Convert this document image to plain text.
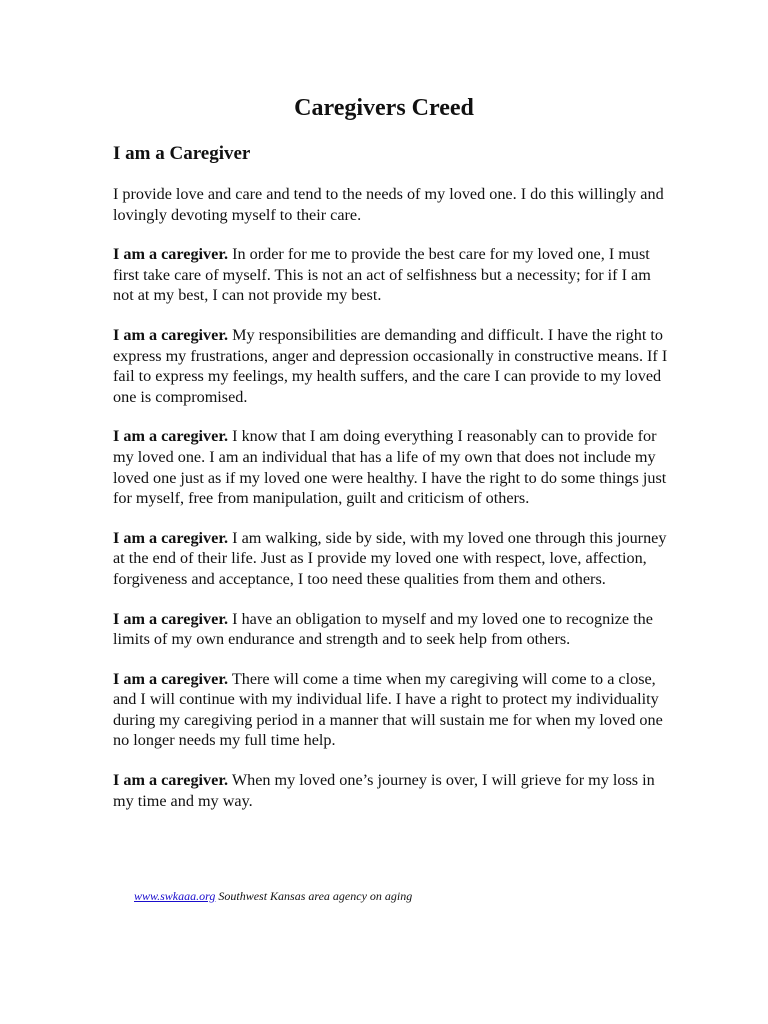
Caregivers Creed
I am a Caregiver

I provide love and care and tend to the needs of my loved one. I do this willingly and lovingly devoting myself to their care.

I am a caregiver. In order for me to provide the best care for my loved one, I must first take care of myself. This is not an act of selfishness but a necessity; for if I am not at my best, I can not provide my best.

I am a caregiver. My responsibilities are demanding and difficult. I have the right to express my frustrations, anger and depression occasionally in constructive means. If I fail to express my feelings, my health suffers, and the care I can provide to my loved one is compromised.

I am a caregiver. I know that I am doing everything I reasonably can to provide for my loved one. I am an individual that has a life of my own that does not include my loved one just as if my loved one were healthy. I have the right to do some things just for myself, free from manipulation, guilt and criticism of others.

I am a caregiver. I am walking, side by side, with my loved one through this journey at the end of their life. Just as I provide my loved one with respect, love, affection, forgiveness and acceptance, I too need these qualities from them and others.

I am a caregiver. I have an obligation to myself and my loved one to recognize the limits of my own endurance and strength and to seek help from others.

I am a caregiver. There will come a time when my caregiving will come to a close, and I will continue with my individual life. I have a right to protect my individuality during my caregiving period in a manner that will sustain me for when my loved one no longer needs my full time help.

I am a caregiver. When my loved one’s journey is over, I will grieve for my loss in my time and my way.

www.swkaaa.org Southwest Kansas area agency on aging
